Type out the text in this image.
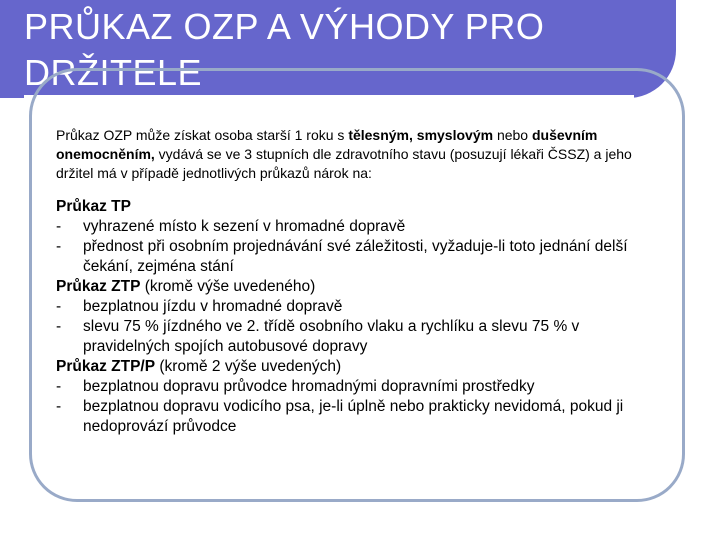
PRŮKAZ OZP A VÝHODY PRO DRŽITELE

Průkaz OZP může získat osoba starší 1 roku s tělesným, smyslovým nebo duševním onemocněním, vydává se ve 3 stupních dle zdravotního stavu (posuzují lékaři ČSSZ) a jeho držitel má v případě jednotlivých průkazů nárok na:

Průkaz TP

- vyhrazené místo k sezení v hromadné dopravě

- přednost při osobním projednávání své záležitosti, vyžaduje-li toto jednání delší čekání, zejména stání

Průkaz ZTP (kromě výše uvedeného)

- bezplatnou jízdu v hromadné dopravě

- slevu 75 % jízdného ve 2. třídě osobního vlaku a rychlíku a slevu 75 % v pravidelných spojích autobusové dopravy

Průkaz ZTP/P (kromě 2 výše uvedených)

- bezplatnou dopravu průvodce hromadnými dopravními prostředky

- bezplatnou dopravu vodicího psa, je-li úplně nebo prakticky nevidomá, pokud ji nedoprovází průvodce
